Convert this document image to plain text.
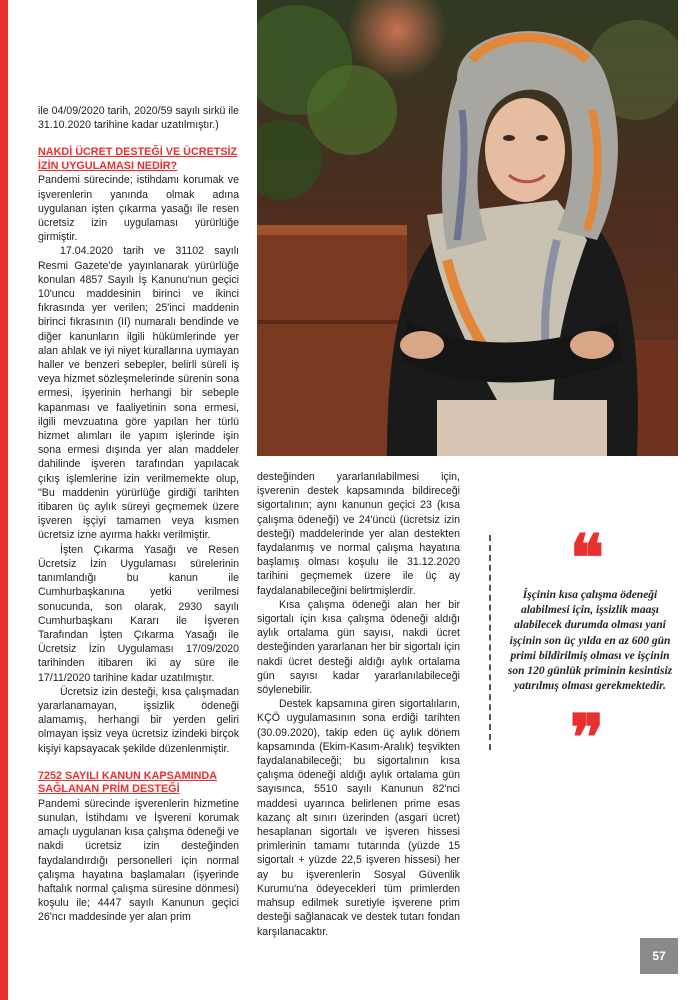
ile 04/09/2020 tarih, 2020/59 sayılı sirkü ile 31.10.2020 tarihine kadar uzatılmıştır.)

NAKDİ ÜCRET DESTEĞİ VE ÜCRETSİZ İZİN UYGULAMASI NEDİR?

Pandemi sürecinde; istihdamı korumak ve işverenlerin yanında olmak adına uygulanan işten çıkarma yasağı ile resen ücretsiz izin uygulaması yürürlüğe girmiştir.

17.04.2020 tarih ve 31102 sayılı Resmi Gazete'de yayınlanarak yürürlüğe konulan 4857 Sayılı İş Kanunu'nun geçici 10'uncu maddesinin birinci ve ikinci fıkrasında yer verilen; 25'inci maddenin birinci fıkrasının (II) numaralı bendinde ve diğer kanunların ilgili hükümlerinde yer alan ahlak ve iyi niyet kurallarına uymayan haller ve benzeri sebepler, belirli süreli iş veya hizmet sözleşmelerinde sürenin sona ermesi, işyerinin herhangi bir sebeple kapanması ve faaliyetinin sona ermesi, ilgili mevzuatına göre yapılan her türlü hizmet alımları ile yapım işlerinde işin sona ermesi dışında yer alan maddeler dahilinde işveren tarafından yapılacak çıkış işlemlerine izin verilmemekte olup, "Bu maddenin yürürlüğe girdiği tarihten itibaren üç aylık süreyi geçmemek üzere işveren işçiyi tamamen veya kısmen ücretsiz izne ayırma hakkı verilmiştir.

İşten Çıkarma Yasağı ve Resen Ücretsiz İzin Uygulaması sürelerinin tanımlandığı bu kanun ile Cumhurbaşkanına yetki verilmesi sonucunda, son olarak, 2930 sayılı Cumhurbaşkanı Kararı ile İşveren Tarafından İşten Çıkarma Yasağı ile Ücretsiz İzin Uygulaması 17/09/2020 tarihinden itibaren iki ay süre ile 17/11/2020 tarihine kadar uzatılmıştır.

Ücretsiz izin desteği, kısa çalışmadan yararlanamayan, işsizlik ödeneği alamamış, herhangi bir yerden geliri olmayan işsiz veya ücretsiz izindeki birçok kişiyi kapsayacak şekilde düzenlenmiştir.

7252 SAYILI KANUN KAPSAMINDA SAĞLANAN PRİM DESTEĞİ

Pandemi sürecinde işverenlerin hizmetine sunulan, İstihdamı ve İşvereni korumak amaçlı uygulanan kısa çalışma ödeneği ve nakdi ücretsiz izin desteğinden faydalandırdığı personelleri için normal çalışma hayatına başlamaları (işyerinde haftalık normal çalışma süresine dönmesi) koşulu ile; 4447 sayılı Kanunun geçici 26'ncı maddesinde yer alan prim

desteğinden yararlanılabilmesi için, işverenin destek kapsamında bildireceği sigortalının; aynı kanunun geçici 23 (kısa çalışma ödeneği) ve 24'üncü (ücretsiz izin desteği) maddelerinde yer alan destekten faydalanmış ve normal çalışma hayatına başlamış olması koşulu ile 31.12.2020 tarihini geçmemek üzere ile üç ay faydalanabileceğini belirtmişlerdir.

Kısa çalışma ödeneği alan her bir sigortalı için kısa çalışma ödeneği aldığı aylık ortalama gün sayısı, nakdi ücret desteğinden yararlanan her bir sigortalı için nakdi ücret desteği aldığı aylık ortalama gün sayısı kadar yararlanılabileceği söylenebilir.

Destek kapsamına giren sigortalıların, KÇÖ uygulamasının sona erdiği tarihten (30.09.2020), takip eden üç aylık dönem kapsamında (Ekim-Kasım-Aralık) teşvikten faydalanabileceği; bu sigortalının kısa çalışma ödeneği aldığı aylık ortalama gün sayısınca, 5510 sayılı Kanunun 82'nci maddesi uyarınca belirlenen prime esas kazanç alt sınırı üzerinden (asgari ücret) hesaplanan sigortalı ve işveren hissesi primlerinin tamamı tutarında (yüzde 15 sigortalı + yüzde 22,5 işveren hissesi) her ay bu işverenlerin Sosyal Güvenlik Kurumu'na ödeyecekleri tüm primlerden mahsup edilmek suretiyle işverene prim desteği sağlanacak ve destek tutarı fondan karşılanacaktır.

❝
İşçinin kısa çalışma ödeneği alabilmesi için, işsizlik maaşı alabilecek durumda olması yani işçinin son üç yılda en az 600 gün primi bildirilmiş olması ve işçinin son 120 günlük priminin kesintisiz yatırılmış olması gerekmektedir.
❞
57
